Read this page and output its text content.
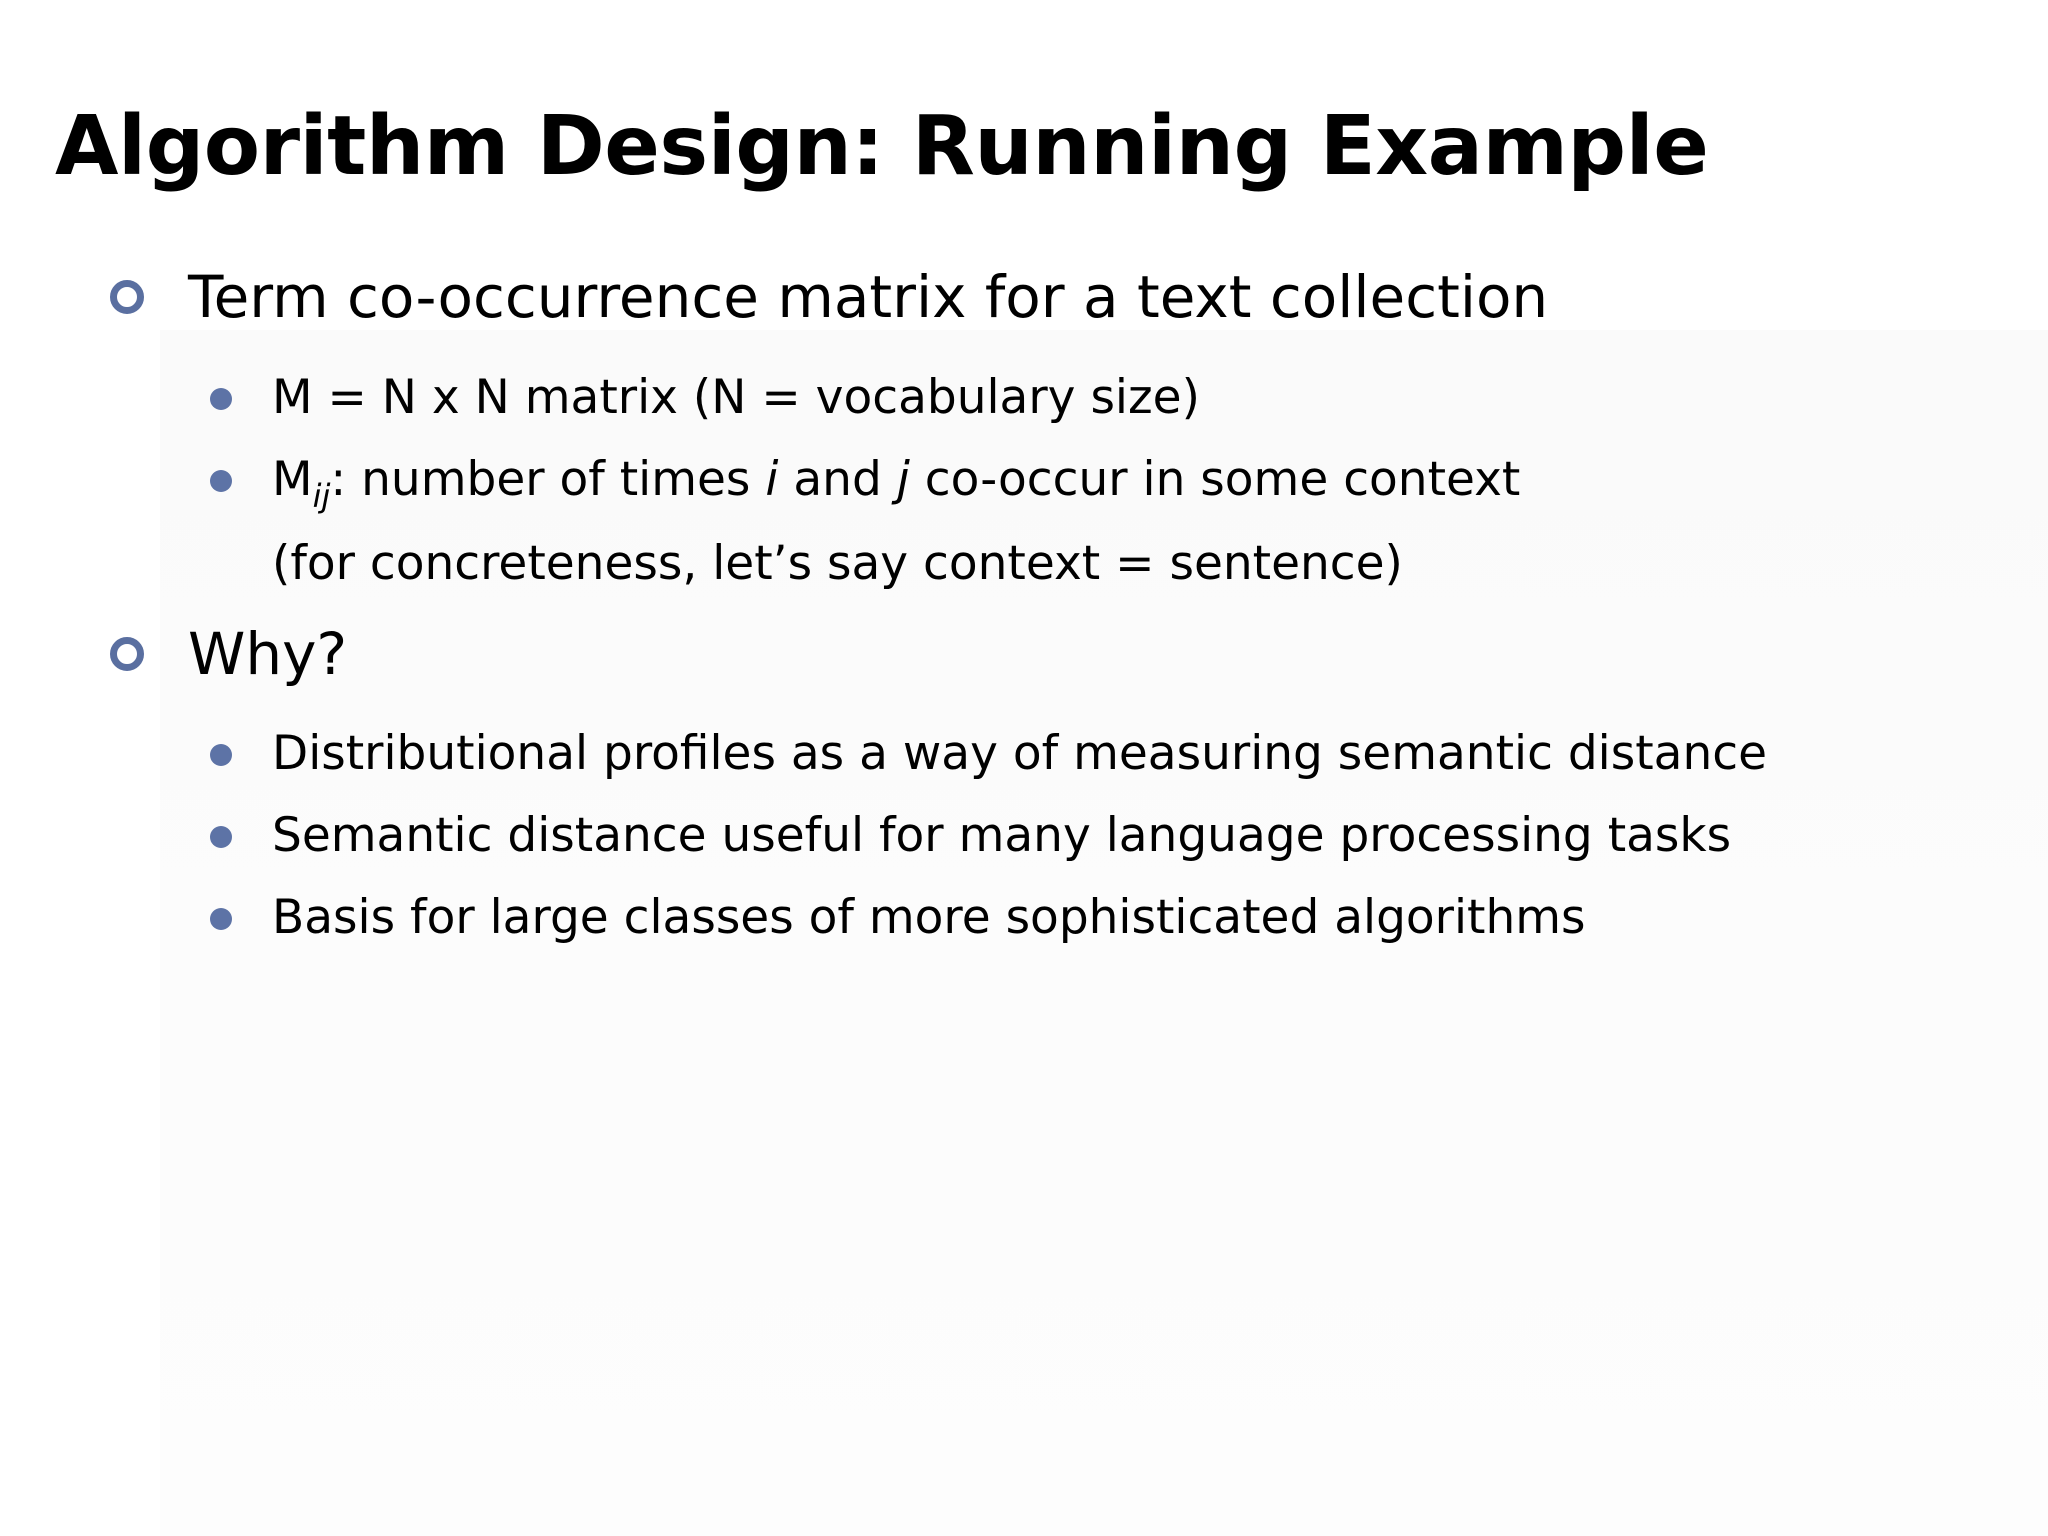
Algorithm Design: Running Example
Term co-occurrence matrix for a text collection
M = N x N matrix (N = vocabulary size)
$M_{ij}$: number of times i and j co-occur in some context
(for concreteness, let’s say context = sentence)
Why?
Distributional profiles as a way of measuring semantic distance
Semantic distance useful for many language processing tasks
Basis for large classes of more sophisticated algorithms
